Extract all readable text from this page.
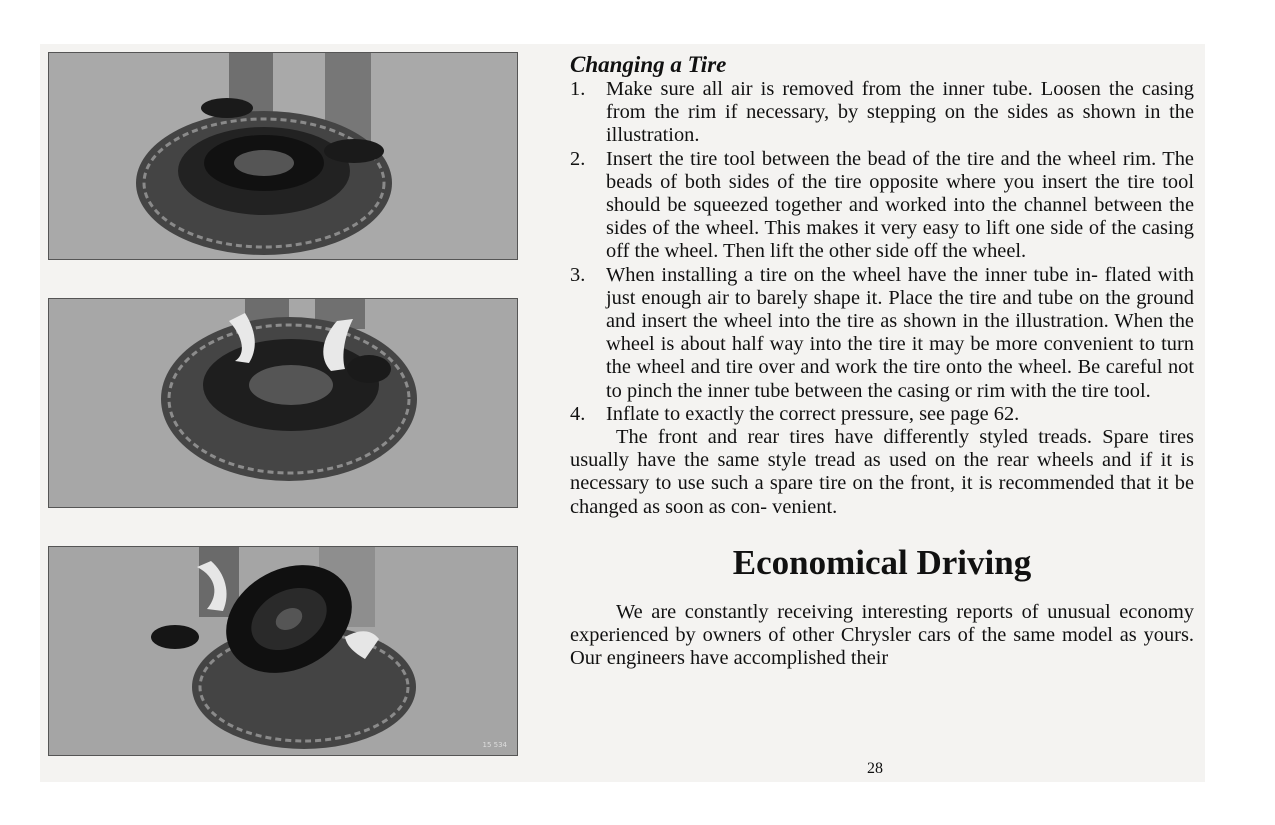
15 534
Changing a Tire
1. Make sure all air is removed from the inner tube. Loosen the casing from the rim if necessary, by stepping on the sides as shown in the illustration.
2. Insert the tire tool between the bead of the tire and the wheel rim. The beads of both sides of the tire opposite where you insert the tire tool should be squeezed together and worked into the channel between the sides of the wheel. This makes it very easy to lift one side of the casing off the wheel. Then lift the other side off the wheel.
3. When installing a tire on the wheel have the inner tube in- flated with just enough air to barely shape it. Place the tire and tube on the ground and insert the wheel into the tire as shown in the illustration. When the wheel is about half way into the tire it may be more convenient to turn the wheel and tire over and work the tire onto the wheel. Be careful not to pinch the inner tube between the casing or rim with the tire tool.
4. Inflate to exactly the correct pressure, see page 62.

The front and rear tires have differently styled treads. Spare tires usually have the same style tread as used on the rear wheels and if it is necessary to use such a spare tire on the front, it is recommended that it be changed as soon as con- venient.

Economical Driving

We are constantly receiving interesting reports of unusual economy experienced by owners of other Chrysler cars of the same model as yours. Our engineers have accomplished their

28
